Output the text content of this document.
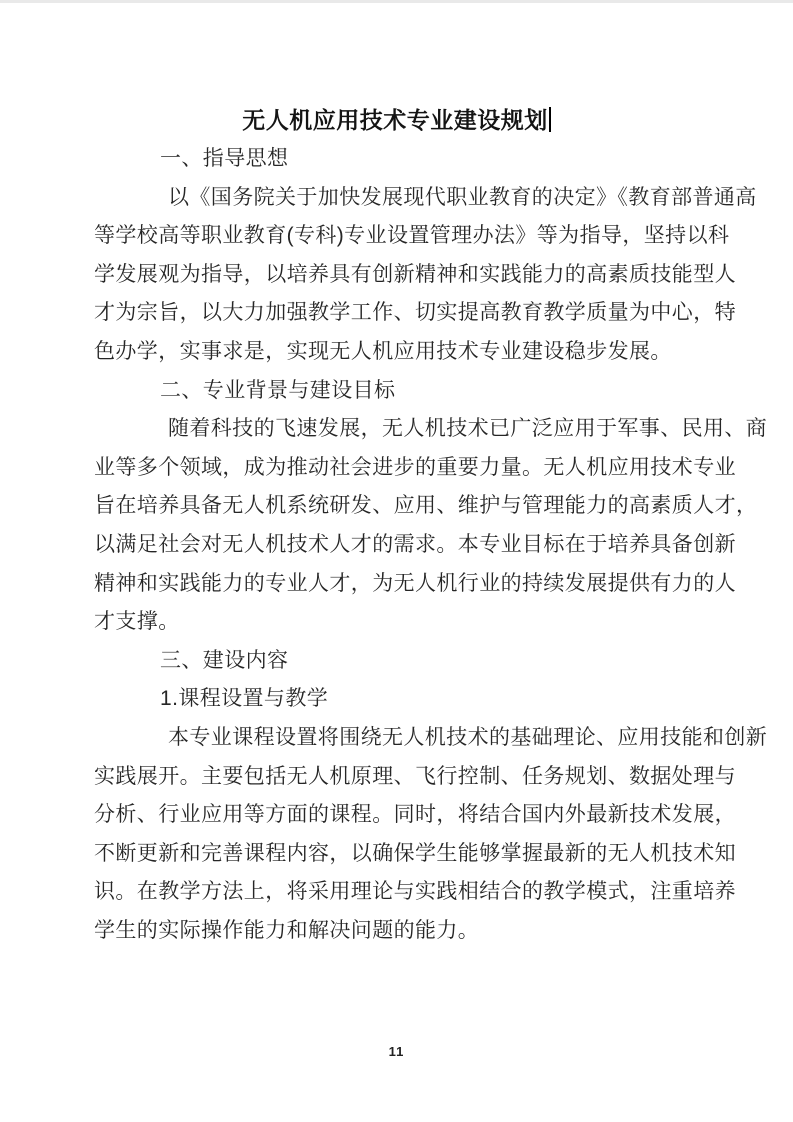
无人机应用技术专业建设规划
一、指导思想
以《国务院关于加快发展现代职业教育的决定》《教育部普通高
等学校高等职业教育(专科)专业设置管理办法》等为指导，坚持以科
学发展观为指导，以培养具有创新精神和实践能力的高素质技能型人
才为宗旨，以大力加强教学工作、切实提高教育教学质量为中心，特
色办学，实事求是，实现无人机应用技术专业建设稳步发展。
二、专业背景与建设目标
随着科技的飞速发展，无人机技术已广泛应用于军事、民用、商
业等多个领域，成为推动社会进步的重要力量。无人机应用技术专业
旨在培养具备无人机系统研发、应用、维护与管理能力的高素质人才，
以满足社会对无人机技术人才的需求。本专业目标在于培养具备创新
精神和实践能力的专业人才，为无人机行业的持续发展提供有力的人
才支撑。
三、建设内容
1.课程设置与教学
本专业课程设置将围绕无人机技术的基础理论、应用技能和创新
实践展开。主要包括无人机原理、飞行控制、任务规划、数据处理与
分析、行业应用等方面的课程。同时，将结合国内外最新技术发展，
不断更新和完善课程内容，以确保学生能够掌握最新的无人机技术知
识。在教学方法上，将采用理论与实践相结合的教学模式，注重培养
学生的实际操作能力和解决问题的能力。
11
